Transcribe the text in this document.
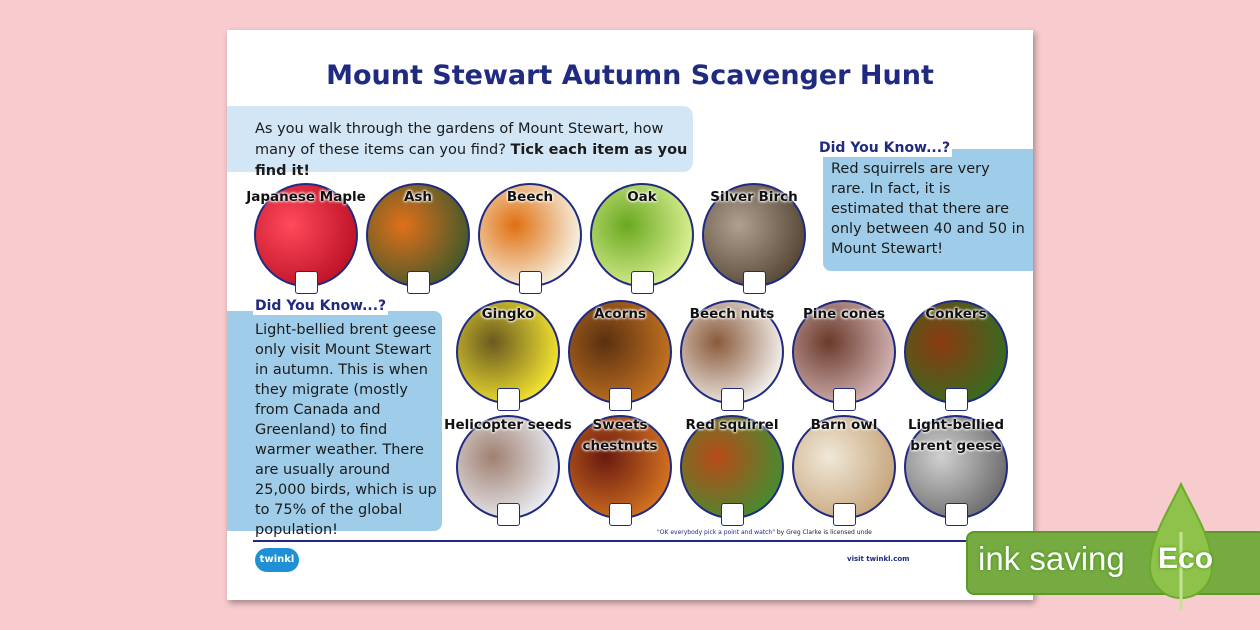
Mount Stewart Autumn Scavenger Hunt
As you walk through the gardens of Mount Stewart, how many of these items can you find? Tick each item as you find it!	Red squirrels are very rare. In fact, it is estimated that there are only between 40 and 50 in Mount Stewart!
Did You Know...?
Light-bellied brent geese only visit Mount Stewart in autumn. This is when they migrate (mostly from Canada and Greenland) to find warmer weather. There are usually around 25,000 birds, which is up to 75% of the global population!
Did You Know...?
Japanese Maple	Ash	Beech	Oak	Silver Birch
Gingko	Acorns	Beech nuts	Pine cones	Conkers
Helicopter seeds	Sweets chestnuts
Red squirrel	Barn owl	Light-bellied brent geese
"OK everybody pick a point and watch" by Greg Clarke is licensed unde
twinkl	visit twinkl.com ink saving Eco
